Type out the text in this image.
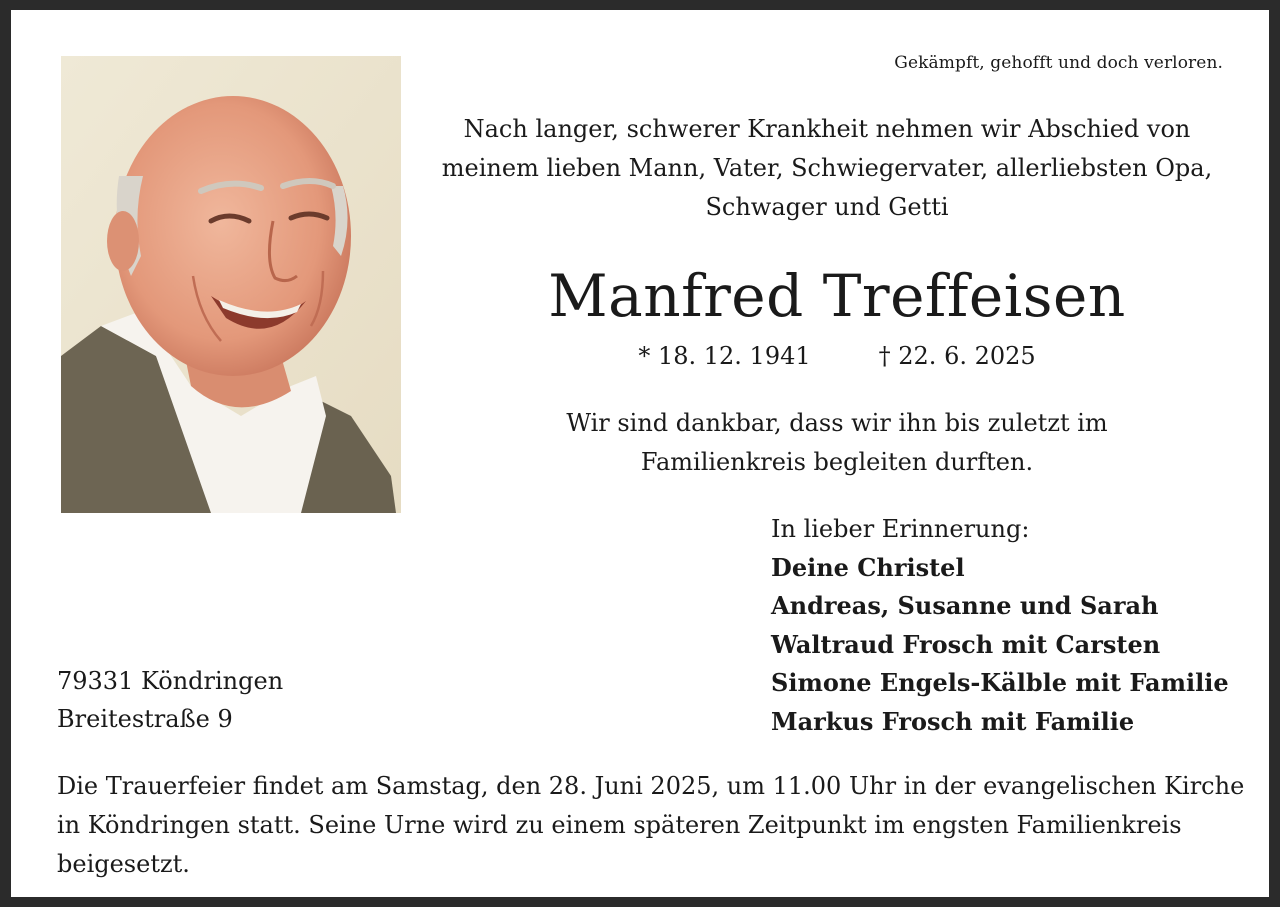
Gekämpft, gehofft und doch verloren.
Nach langer, schwerer Krankheit nehmen wir Abschied von
meinem lieben Mann, Vater, Schwiegervater, allerliebsten Opa,
Schwager und Getti
Manfred Treffeisen
* 18. 12. 1941	† 22. 6. 2025
Wir sind dankbar, dass wir ihn bis zuletzt im
Familienkreis begleiten durften.
In lieber Erinnerung:
Deine Christel
Andreas, Susanne und Sarah
Waltraud Frosch mit Carsten
Simone Engels-Kälble mit Familie
Markus Frosch mit Familie
79331 Köndringen
Breitestraße 9
Die Trauerfeier findet am Samstag, den 28. Juni 2025, um 11.00 Uhr in der evangelischen Kirche
in Köndringen statt. Seine Urne wird zu einem späteren Zeitpunkt im engsten Familienkreis
beigesetzt.
